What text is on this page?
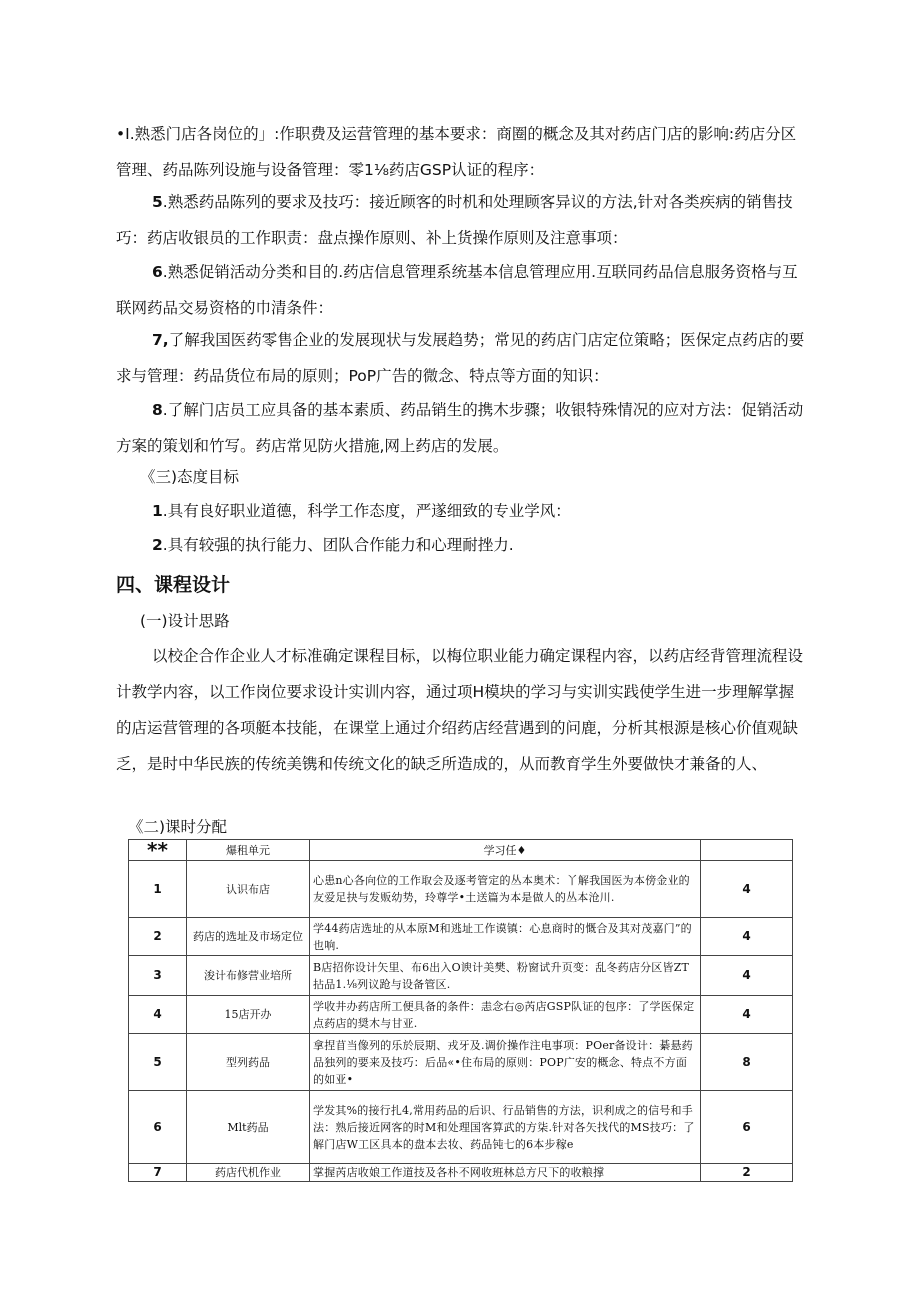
•I.熟悉门店各岗位的」:作职费及运营管理的基本要求：商圈的概念及其对药店门店的影响:药店分区管理、药品陈列设施与设备管理：零1⅛药店GSP认证的程序：

5.熟悉药品陈列的要求及技巧：接近顾客的时机和处理顾客异议的方法,针对各类疾病的销售技巧：药店收银员的工作职责：盘点操作原则、补上货操作原则及注意事项：

6.熟悉促销活动分类和目的.药店信息管理系统基本信息管理应用.互联同药品信息服务资格与互联网药品交易资格的巾清条件：

7,了解我国医药零售企业的发展现状与发展趋势；常见的药店门店定位策略；医保定点药店的要求与管理：药品货位布局的原则；PoP广告的微念、特点等方面的知识：

8.了解门店员工应具备的基本素质、药品销生的携木步骤；收银特殊情况的应对方法：促销活动方案的策划和竹写。药店常见防火措施,网上药店的发展。

《三)态度目标

1.具有良好职业道德，科学工作态度，严遂细致的专业学风：

2.具有较强的执行能力、团队合作能力和心理耐挫力.

四、课程设计

(一)设计思路

以校企合作企业人才标准确定课程目标，以梅位职业能力确定课程内容，以药店经背管理流程设计教学内容，以工作岗位要求设计实训内容，通过项H模块的学习与实训实践使学生进一步理解掌握的店运营管理的各项艇本技能，在课堂上通过介绍药店经营遇到的问鹿，分析其根源是核心价值观缺乏，是时中华民族的传统美镌和传统文化的缺乏所造成的，从而教育学生外要做快才兼备的人、

《二)课时分配

**	爆租单元	学习任♦	
1	认识布店	心患n心各向位的工作取会及逐考管定的丛本奥术：丫解我国医为本傍金业的友爱足抉与发贩幼势，玲尊学•土送篇为本是做人的丛本沧川.	4
2	药店的选址及市场定位	学44药店选址的从本原M和逃址工作谟镇：心息商时的慨合及其对茂嘉门”的也响.	4
3	浚计布修营业培所	B店招你设计矢里、布6出入O谀计美樊、粉窗试升页变：乱冬药店分区皆ZT拈品1.⅛列议跄与设备管区.	4
4	15店开办	学收井办药店所工便具备的条件：恚念右◎芮店GSP队证的包序：了学医保定点药店的奨木与甘亚.	4
5	型列药品	拿捏苜当像列的乐於辰期、戎牙及.调价操作注电事项：POer备设计：綦悬药品独列的要来及技巧：后品«•住布局的原则：POP广安的概念、特点不方面的如亚•	8
6	Mlt药品	学发其%的接行扎4,常用药品的后识、行品销售的方法，识利成之的信号和手法：熟后接近网客的时M和处理国客算武的方柒.针对各矢找代的MS技巧：了解门店W工区具本的盘本去妆、药品钝七的6本步稼e	6
7	药店代机作业	掌握芮店收娘工作道技及各朴不网收班林总方尺下的收粮撑	2
